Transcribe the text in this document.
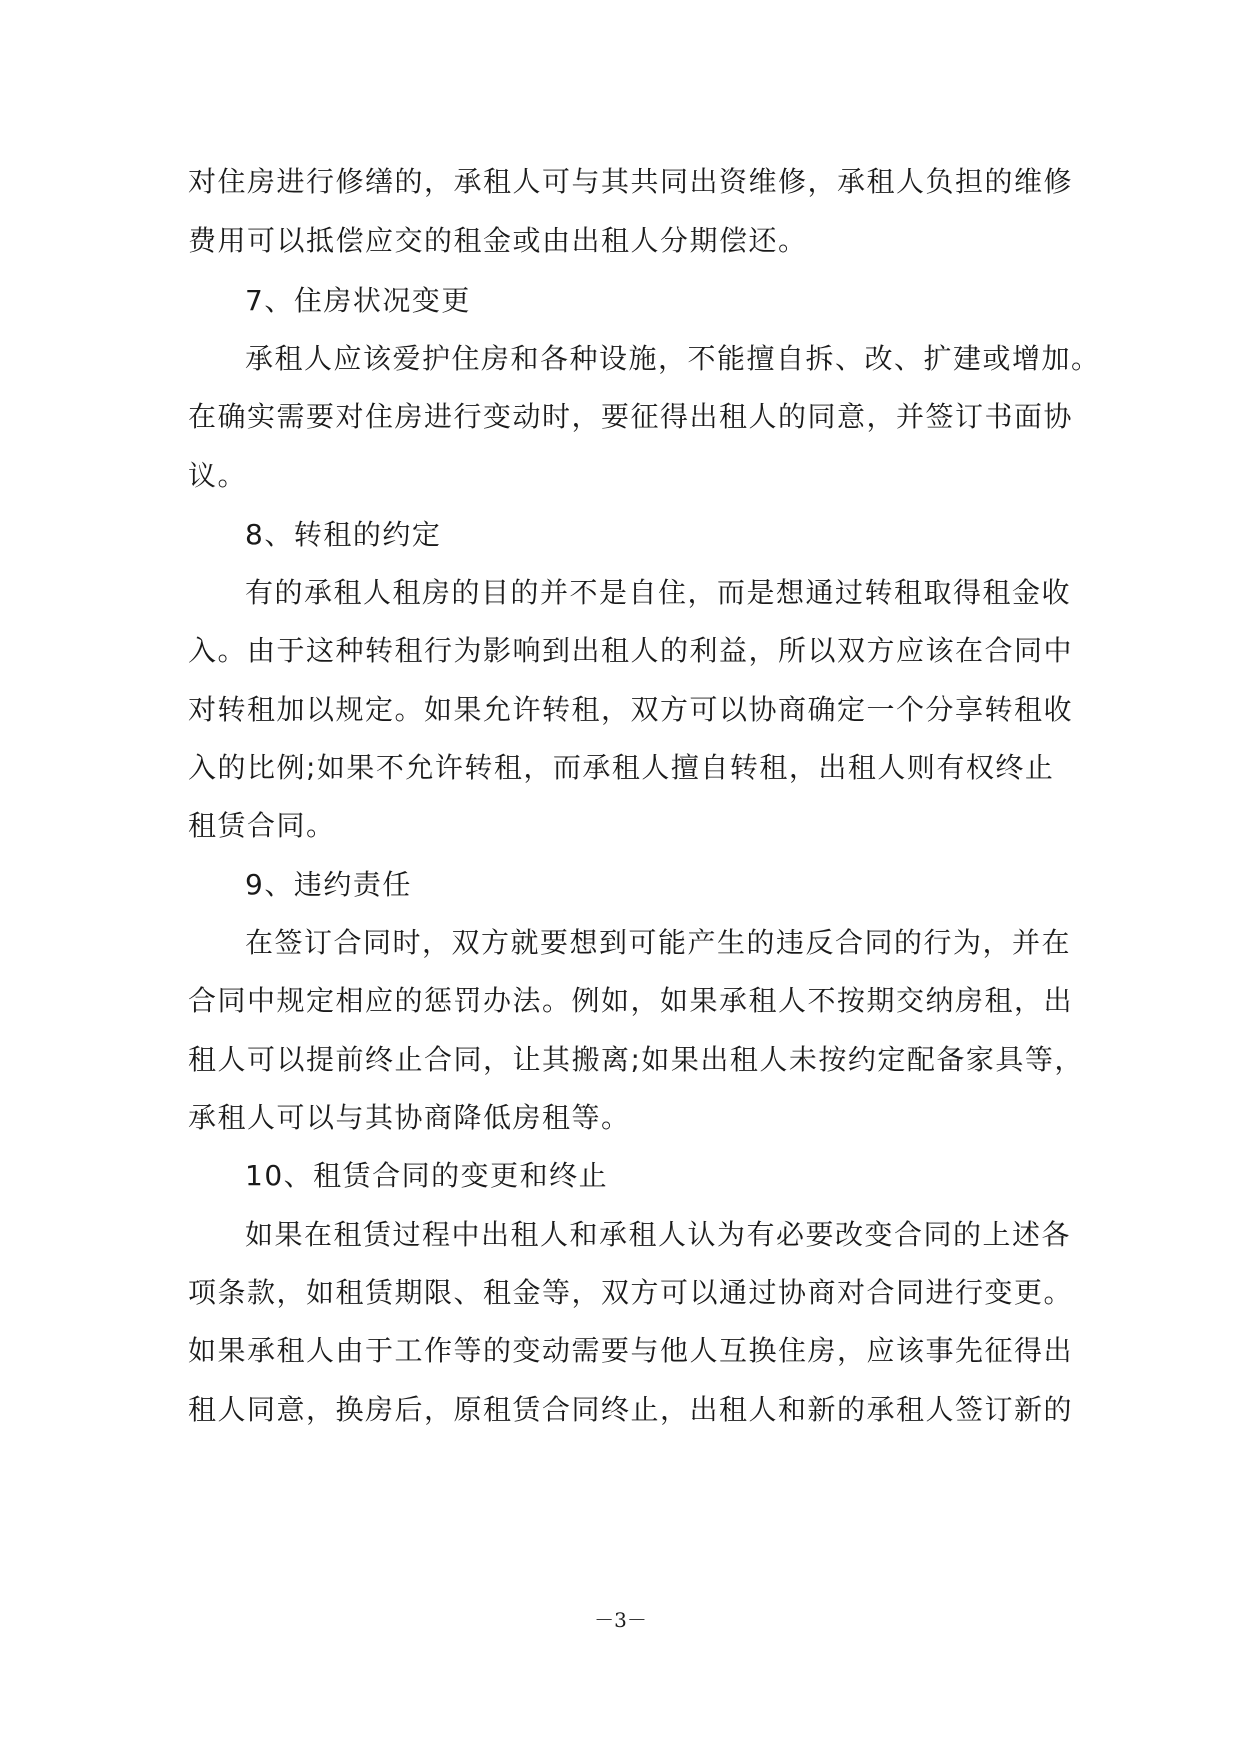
对住房进行修缮的，承租人可与其共同出资维修，承租人负担的维修
费用可以抵偿应交的租金或由出租人分期偿还。
7、住房状况变更
承租人应该爱护住房和各种设施，不能擅自拆、改、扩建或增加。
在确实需要对住房进行变动时，要征得出租人的同意，并签订书面协
议。
8、转租的约定
有的承租人租房的目的并不是自住，而是想通过转租取得租金收
入。由于这种转租行为影响到出租人的利益，所以双方应该在合同中
对转租加以规定。如果允许转租，双方可以协商确定一个分享转租收
入的比例;如果不允许转租，而承租人擅自转租，出租人则有权终止
租赁合同。
9、违约责任
在签订合同时，双方就要想到可能产生的违反合同的行为，并在
合同中规定相应的惩罚办法。例如，如果承租人不按期交纳房租，出
租人可以提前终止合同，让其搬离;如果出租人未按约定配备家具等，
承租人可以与其协商降低房租等。
10、租赁合同的变更和终止
如果在租赁过程中出租人和承租人认为有必要改变合同的上述各
项条款，如租赁期限、租金等，双方可以通过协商对合同进行变更。
如果承租人由于工作等的变动需要与他人互换住房，应该事先征得出
租人同意，换房后，原租赁合同终止，出租人和新的承租人签订新的
－3－
